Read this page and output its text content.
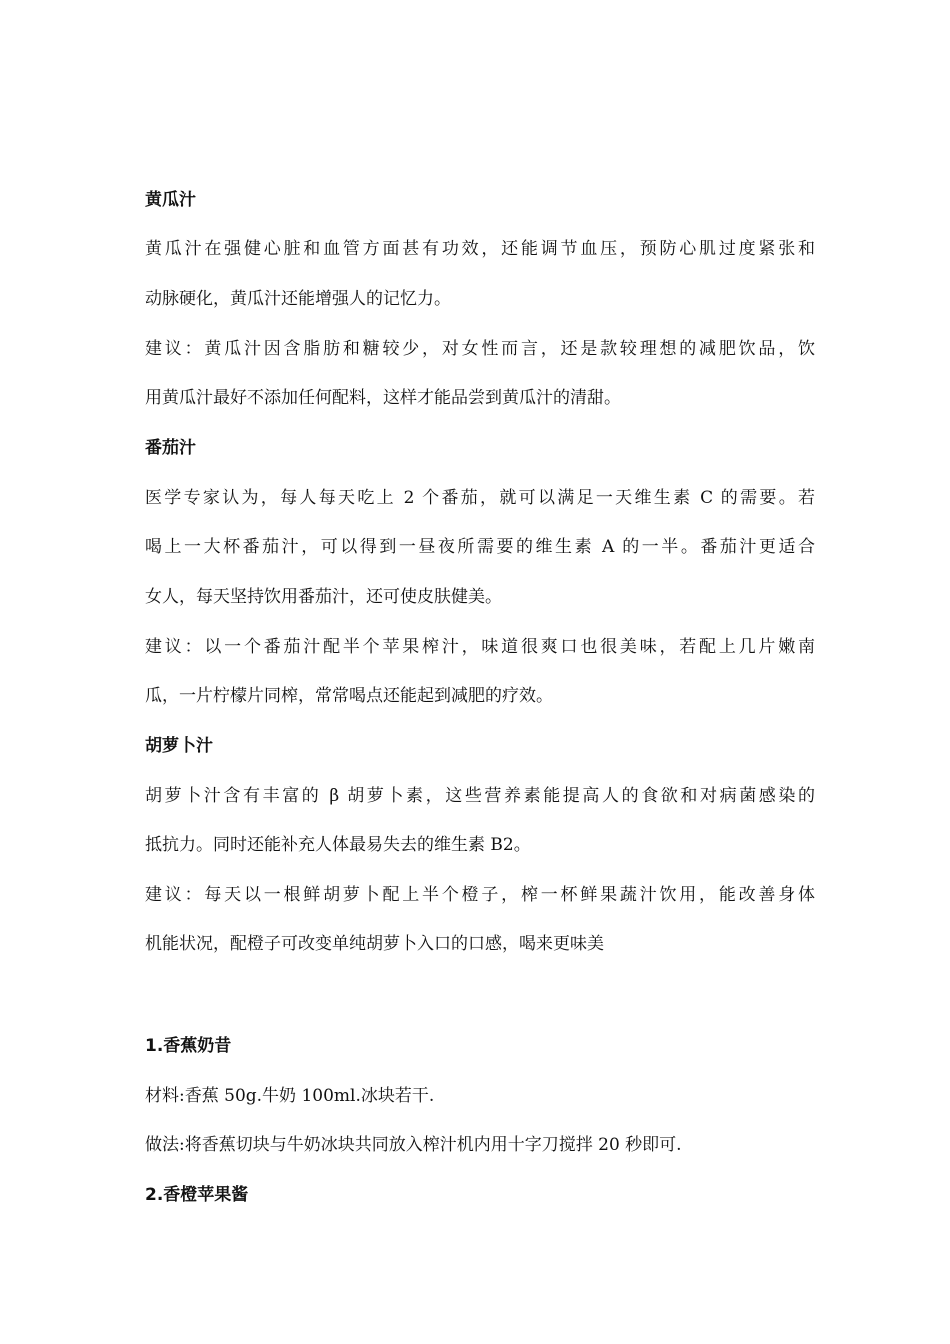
黄瓜汁
黄瓜汁在强健心脏和血管方面甚有功效，还能调节血压，预防心肌过度紧张和
动脉硬化，黄瓜汁还能增强人的记忆力。
建议：黄瓜汁因含脂肪和糖较少，对女性而言，还是款较理想的减肥饮品，饮
用黄瓜汁最好不添加任何配料，这样才能品尝到黄瓜汁的清甜。
番茄汁
医学专家认为，每人每天吃上 2 个番茄，就可以满足一天维生素 C 的需要。若
喝上一大杯番茄汁，可以得到一昼夜所需要的维生素 A 的一半。番茄汁更适合
女人，每天坚持饮用番茄汁，还可使皮肤健美。
建议：以一个番茄汁配半个苹果榨汁，味道很爽口也很美味，若配上几片嫩南
瓜，一片柠檬片同榨，常常喝点还能起到减肥的疗效。
胡萝卜汁
胡萝卜汁含有丰富的 β 胡萝卜素，这些营养素能提高人的食欲和对病菌感染的
抵抗力。同时还能补充人体最易失去的维生素 B2。
建议：每天以一根鲜胡萝卜配上半个橙子，榨一杯鲜果蔬汁饮用，能改善身体
机能状况，配橙子可改变单纯胡萝卜入口的口感，喝来更味美
1.香蕉奶昔
材料:香蕉 50g.牛奶 100ml.冰块若干.
做法:将香蕉切块与牛奶冰块共同放入榨汁机内用十字刀搅拌 20 秒即可.
2.香橙苹果酱
